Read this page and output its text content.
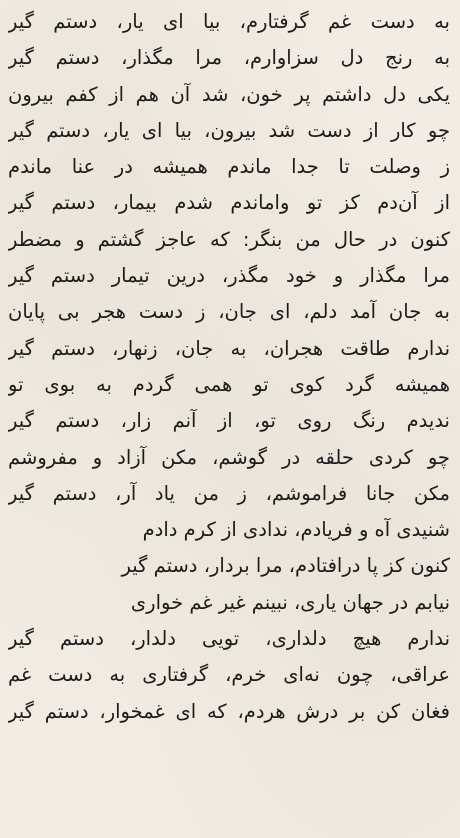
به دست غم گرفتارم، بیا ای یار، دستم گیر
به رنج دل سزاوارم، مرا مگذار، دستم گیر
یکی دل داشتم پر خون، شد آن هم از کفم بیرون
چو کار از دست شد بیرون، بیا ای یار، دستم گیر
ز وصلت تا جدا ماندم همیشه در عنا ماندم
از آن‌دم کز تو واماندم شدم بیمار، دستم گیر
کنون در حال من بنگر: که عاجز گشتم و مضطر
مرا مگذار و خود مگذر، درین تیمار دستم گیر
به جان آمد دلم، ای جان، ز دست هجر بی پایان
ندارم طاقت هجران، به جان، زنهار، دستم گیر
همیشه گرد کوی تو همی گردم به بوی تو
ندیدم رنگ روی تو، از آنم زار، دستم گیر
چو کردی حلقه در گوشم، مکن آزاد و مفروشم
مکن جانا فراموشم، ز من یاد آر، دستم گیر
شنیدی آه و فریادم، ندادی از کرم دادم
کنون کز پا درافتادم، مرا بردار، دستم گیر
نیابم در جهان یاری، نبینم غیر غم خواری
ندارم هیچ دلداری، تویی دلدار، دستم گیر
عراقی، چون نه‌ای خرم، گرفتاری به دست غم
فغان کن بر درش هردم، که ای غمخوار، دستم گیر
